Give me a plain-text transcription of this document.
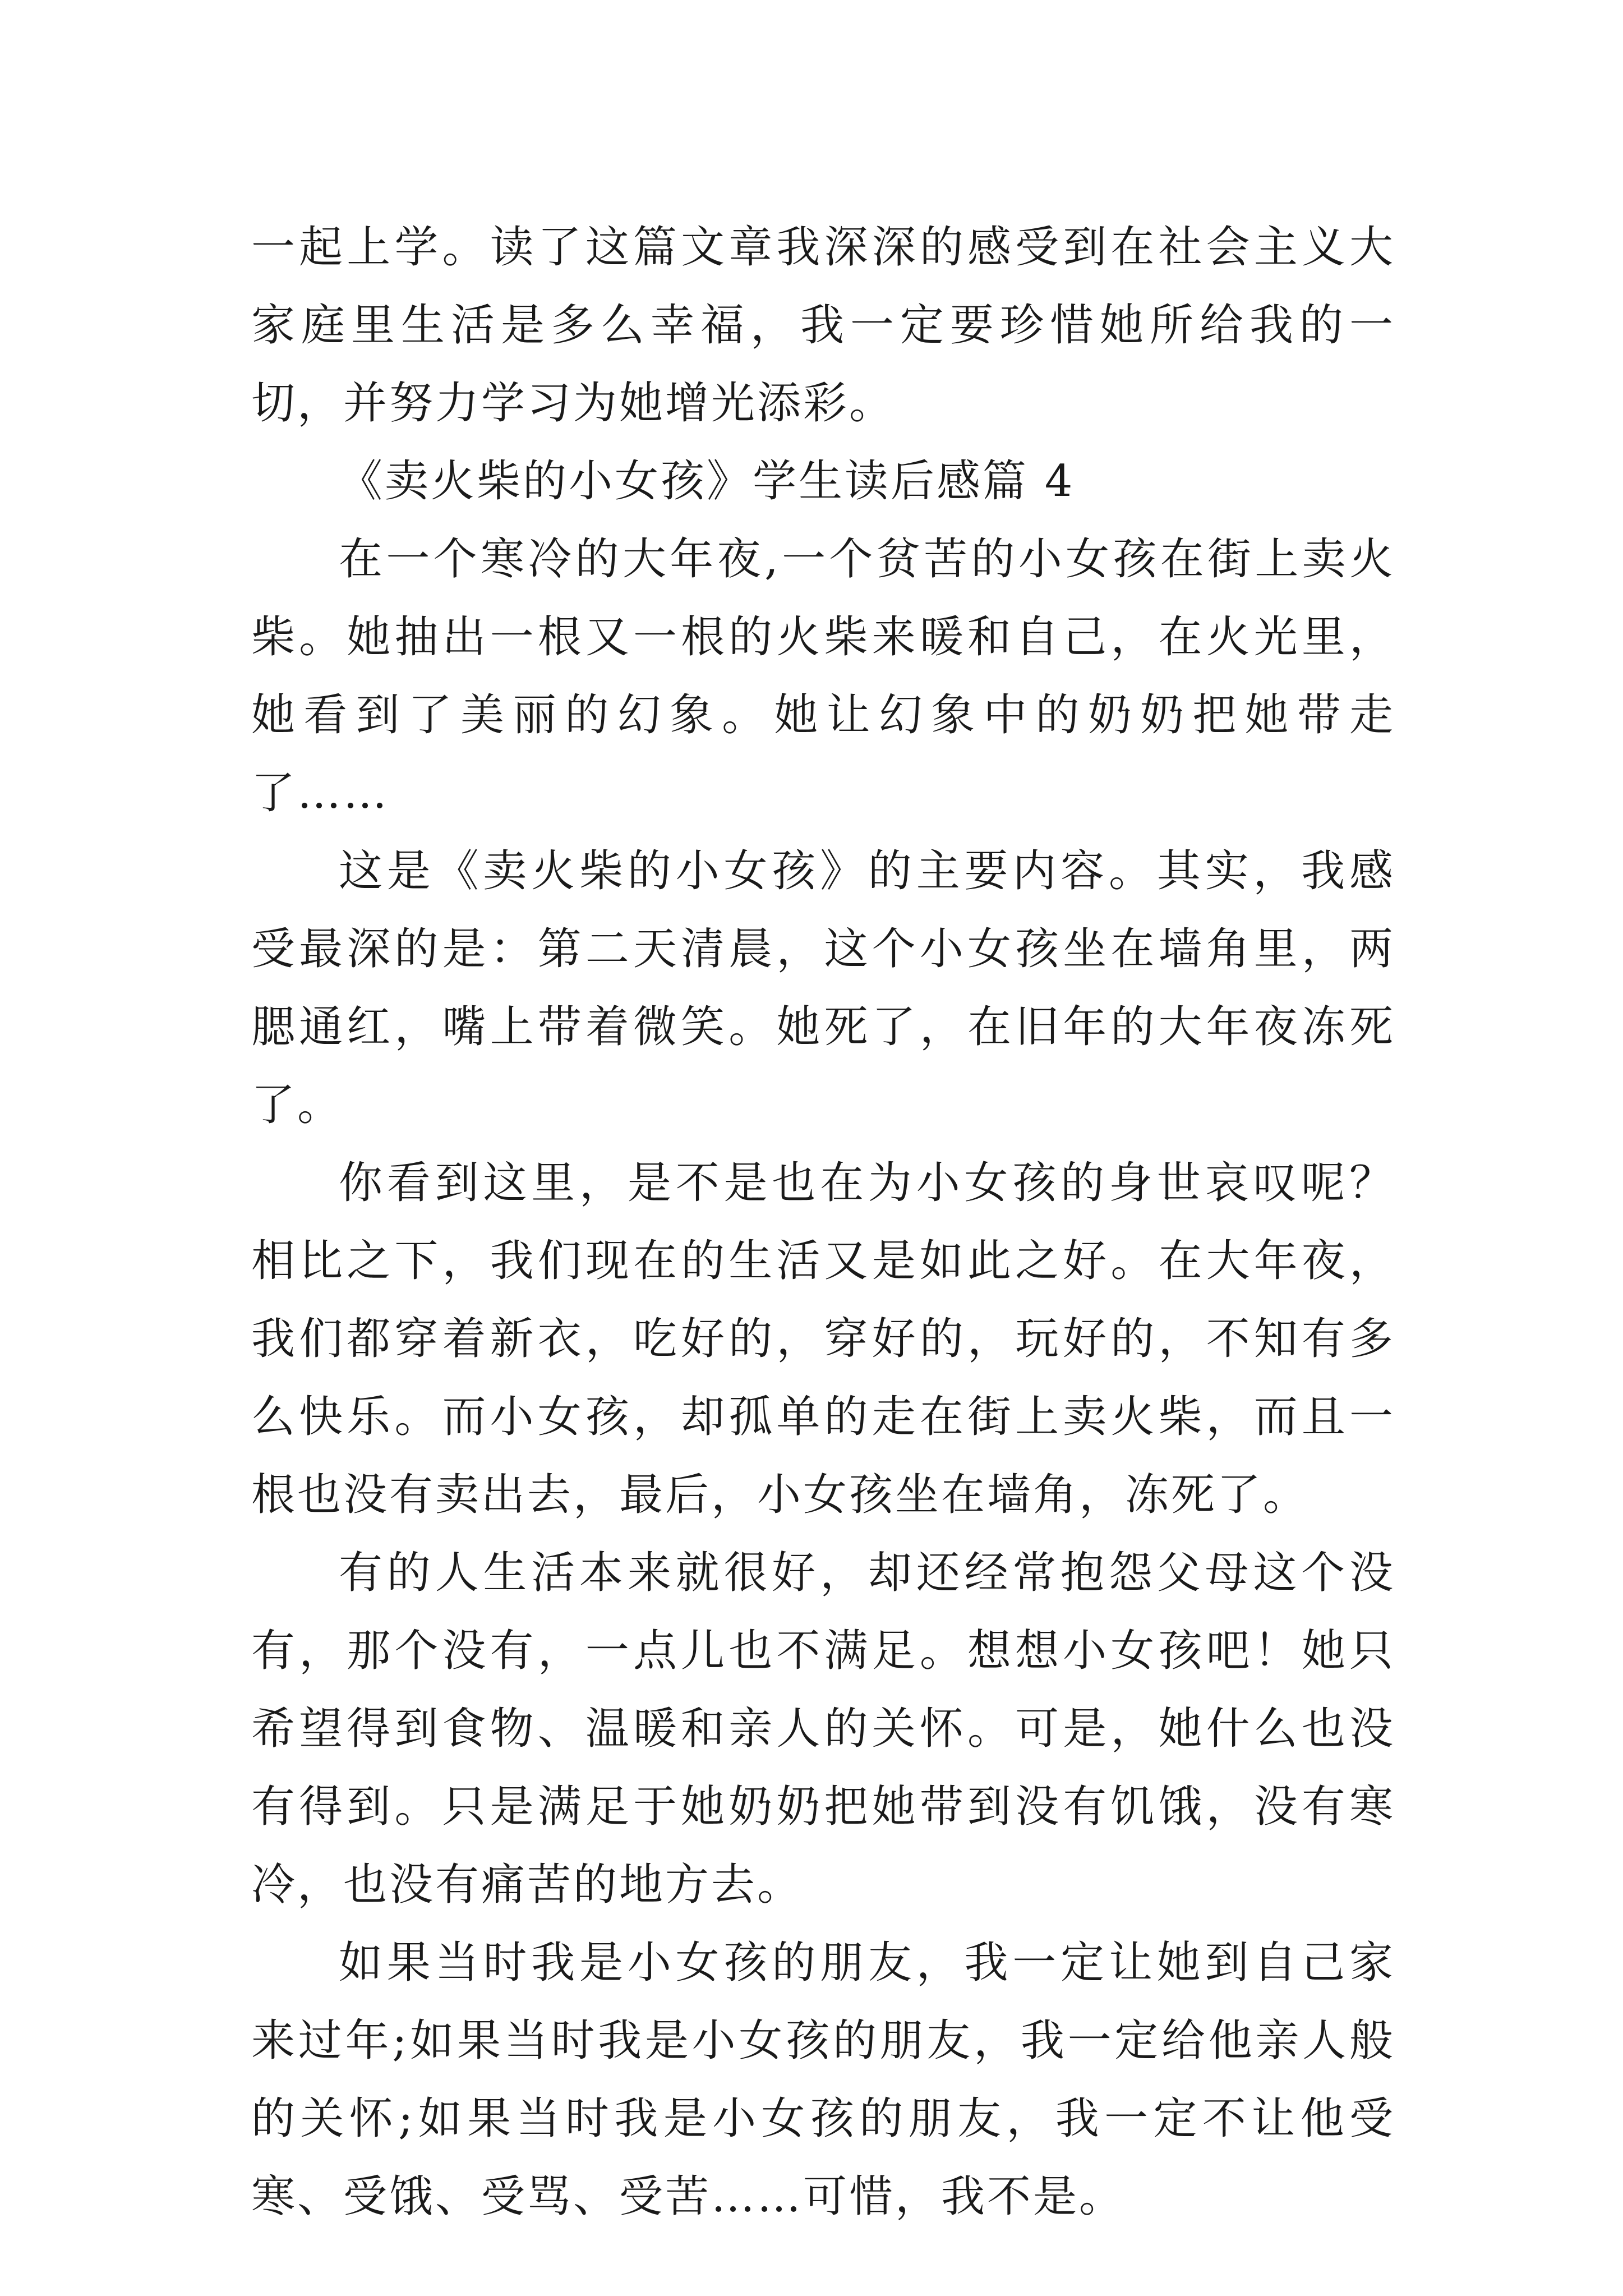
一起上学。读了这篇文章我深深的感受到在社会主义大家庭里生活是多么幸福，我一定要珍惜她所给我的一切，并努力学习为她增光添彩。

《卖火柴的小女孩》学生读后感篇 4

在一个寒冷的大年夜,一个贫苦的小女孩在街上卖火柴。她抽出一根又一根的火柴来暖和自己，在火光里，她看到了美丽的幻象。她让幻象中的奶奶把她带走了……

这是《卖火柴的小女孩》的主要内容。其实，我感受最深的是：第二天清晨，这个小女孩坐在墙角里，两腮通红，嘴上带着微笑。她死了，在旧年的大年夜冻死了。

你看到这里，是不是也在为小女孩的身世哀叹呢？相比之下，我们现在的生活又是如此之好。在大年夜，我们都穿着新衣，吃好的，穿好的，玩好的，不知有多么快乐。而小女孩，却孤单的走在街上卖火柴，而且一根也没有卖出去，最后，小女孩坐在墙角，冻死了。

有的人生活本来就很好，却还经常抱怨父母这个没有，那个没有，一点儿也不满足。想想小女孩吧！她只希望得到食物、温暖和亲人的关怀。可是，她什么也没有得到。只是满足于她奶奶把她带到没有饥饿，没有寒冷，也没有痛苦的地方去。

如果当时我是小女孩的朋友，我一定让她到自己家来过年;如果当时我是小女孩的朋友，我一定给他亲人般的关怀;如果当时我是小女孩的朋友，我一定不让他受寒、受饿、受骂、受苦……可惜，我不是。
